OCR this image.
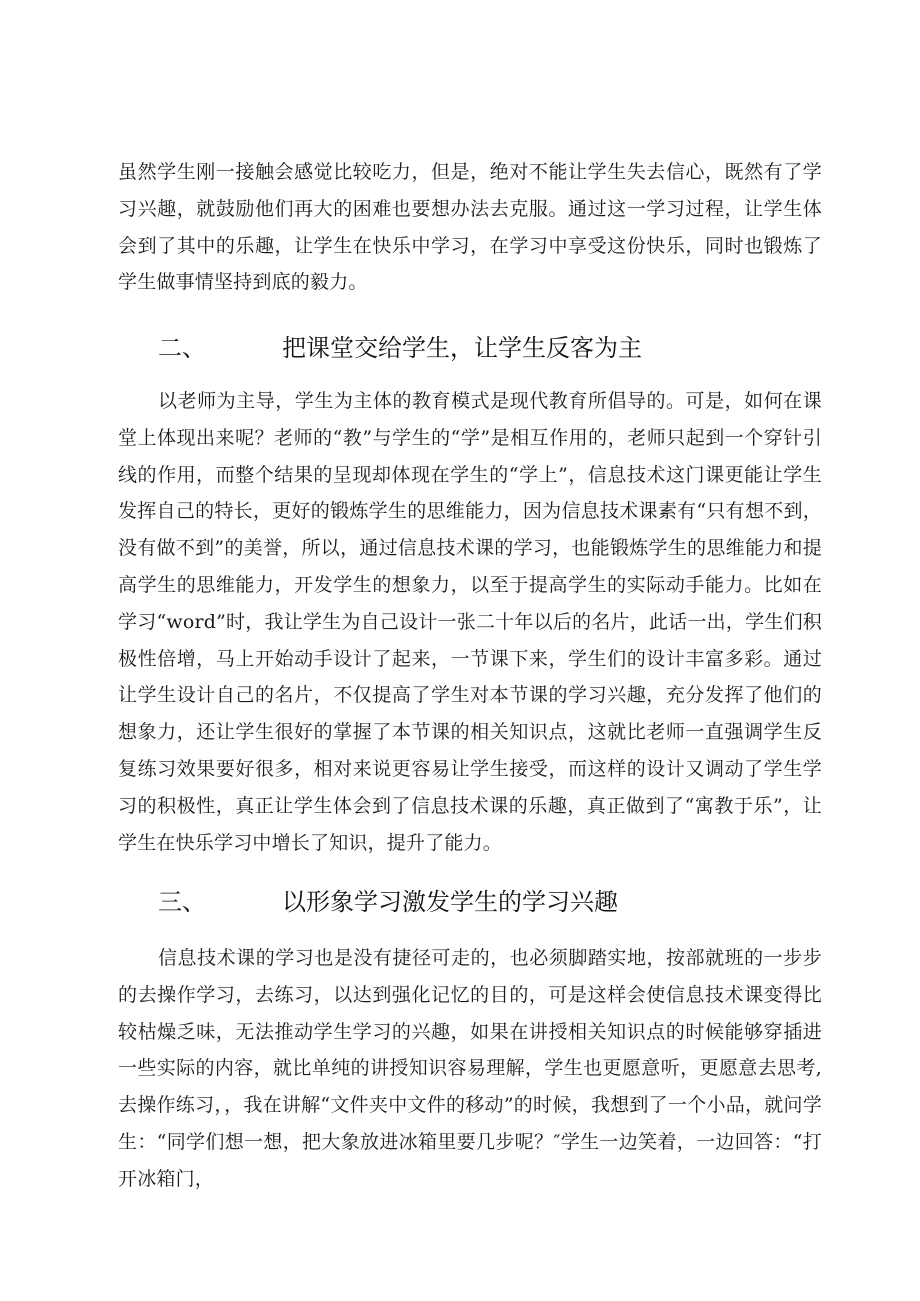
虽然学生刚一接触会感觉比较吃力，但是，绝对不能让学生失去信心，既然有了学习兴趣，就鼓励他们再大的困难也要想办法去克服。通过这一学习过程，让学生体会到了其中的乐趣，让学生在快乐中学习，在学习中享受这份快乐，同时也锻炼了学生做事情坚持到底的毅力。

二、	把课堂交给学生，让学生反客为主

以老师为主导，学生为主体的教育模式是现代教育所倡导的。可是，如何在课堂上体现出来呢？老师的“教”与学生的“学”是相互作用的，老师只起到一个穿针引线的作用，而整个结果的呈现却体现在学生的“学上”，信息技术这门课更能让学生发挥自己的特长，更好的锻炼学生的思维能力，因为信息技术课素有“只有想不到，没有做不到”的美誉，所以，通过信息技术课的学习，也能锻炼学生的思维能力和提高学生的思维能力，开发学生的想象力，以至于提高学生的实际动手能力。比如在学习“word”时，我让学生为自己设计一张二十年以后的名片，此话一出，学生们积极性倍增，马上开始动手设计了起来，一节课下来，学生们的设计丰富多彩。通过让学生设计自己的名片，不仅提高了学生对本节课的学习兴趣，充分发挥了他们的想象力，还让学生很好的掌握了本节课的相关知识点，这就比老师一直强调学生反复练习效果要好很多，相对来说更容易让学生接受，而这样的设计又调动了学生学习的积极性，真正让学生体会到了信息技术课的乐趣，真正做到了“寓教于乐”，让学生在快乐学习中增长了知识，提升了能力。

三、	以形象学习激发学生的学习兴趣

信息技术课的学习也是没有捷径可走的，也必须脚踏实地，按部就班的一步步的去操作学习，去练习，以达到强化记忆的目的，可是这样会使信息技术课变得比较枯燥乏味，无法推动学生学习的兴趣，如果在讲授相关知识点的时候能够穿插进一些实际的内容，就比单纯的讲授知识容易理解，学生也更愿意听，更愿意去思考,去操作练习，，我在讲解“文件夹中文件的移动”的时候，我想到了一个小品，就问学生：“同学们想一想，把大象放进冰箱里要几步呢？″学生一边笑着，一边回答：“打开冰箱门，
